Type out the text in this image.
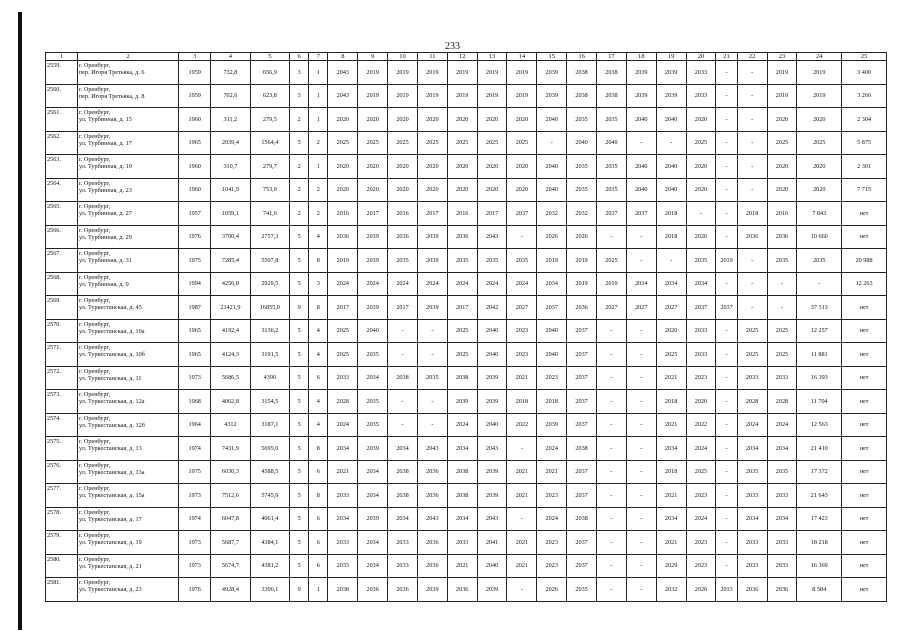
233
1	2	3	4	5	6	7	8	9	10	11	12	13	14	15	16	17	18	19	20	21	22	23	24	25
2559.	г. Оренбург,
пер. Игоря Третьяка, д. 6	1959	732,8	656,9	3	1	2043	2019	2019	2019	2019	2019	2019	2039	2038	2038	2039	2039	2033	-	-	2019	2019	3 400
2560.	г. Оренбург,
пер. Игоря Третьяка, д. 8	1959	702,6	623,8	3	1	2043	2019	2019	2019	2019	2019	2019	2039	2038	2038	2039	2039	2033	-	-	2019	2019	3 260
2561.	г. Оренбург,
ул. Турбинная, д. 15	1960	311,2	279,5	2	1	2020	2020	2020	2020	2020	2020	2020	2040	2035	2035	2040	2040	2020	-	-	2020	2020	2 304
2562.	г. Оренбург,
ул. Турбинная, д. 17	1965	2039,4	1564,4	5	2	2025	2025	2025	2025	2025	2025	2025	-	2040	2040	-	-	2025	-	-	2025	2025	5 875
2563.	г. Оренбург,
ул. Турбинная, д. 19	1960	310,7	279,7	2	1	2020	2020	2020	2020	2020	2020	2020	2040	2035	2035	2040	2040	2020	-	-	2020	2020	2 301
2564.	г. Оренбург,
ул. Турбинная, д. 23	1960	1041,9	753,0	2	2	2020	2020	2020	2020	2020	2020	2020	2040	2035	2035	2040	2040	2020	-	-	2020	2020	7 715
2565.	г. Оренбург,
ул. Турбинная, д. 27	1957	1059,1	741,6	2	2	2016	2017	2016	2017	2016	2017	2037	2032	2032	2037	2037	2018	-	-	2018	2016	7 843	нет
2566.	г. Оренбург,
ул. Турбинная, д. 29	1976	3700,4	2757,3	5	4	2036	2039	2036	2039	2036	2043	-	2026	2026	-	-	2018	2026	-	2036	2036	10 660	нет
2567.	г. Оренбург,
ул. Турбинная, д. 31	1975	7285,4	5507,8	5	8	2019	2039	2035	2039	2035	2035	2035	2019	2019	2025	-	-	2035	2019	-	2035	2035	20 988
2568.	г. Оренбург,
ул. Турбинная, д. 9	1994	4256,8	2929,5	5	3	2024	2024	2024	2024	2024	2024	2024	2034	2019	2019	2034	2034	2034	-	-	-	-	12 263
2569.	г. Оренбург,
ул. Туркестанская, д. 45	1987	21421,9	16855,0	9	8	2017	2039	2017	2039	2017	2042	2027	2037	2036	2027	2027	2027	2037	2037	-	-	37 313	нет
2570.	г. Оренбург,
ул. Туркестанская, д. 10а	1965	4192,4	3136,2	5	4	2025	2040	-	-	2025	2040	2023	2040	2037	-	-	2020	2033	-	2025	2025	12 257	нет
2571.	г. Оренбург,
ул. Туркестанская, д. 10б	1965	4124,3	3191,5	5	4	2025	2035	-	-	2025	2040	2023	2040	2037	-	-	2025	2033	-	2025	2025	11 881	нет
2572.	г. Оренбург,
ул. Туркестанская, д. 11	1973	5686,5	4390	5	6	2033	2034	2038	2035	2038	2039	2021	2023	2037	-	-	2021	2023	-	2033	2033	16 393	нет
2573.	г. Оренбург,
ул. Туркестанская, д. 12а	1968	4062,8	3154,5	5	4	2028	2035	-	-	2039	2039	2018	2018	2037	-	-	2018	2020	-	2028	2028	11 704	нет
2574.	г. Оренбург,
ул. Туркестанская, д. 12б	1964	4312	3187,1	5	4	2024	2035	-	-	2024	2040	2022	2039	2037	-	-	2021	2022	-	2024	2024	12 563	нет
2575.	г. Оренбург,
ул. Туркестанская, д. 13	1974	7431,9	5695,0	5	8	2034	2039	2034	2043	2034	2043	-	2024	2038	-	-	2034	2024	-	2034	2034	21 410	нет
2576.	г. Оренбург,
ул. Туркестанская, д. 13а	1975	6030,3	4588,5	5	6	2021	2034	2038	2036	2038	2039	2021	2021	2037	-	-	2018	2025	-	2035	2035	17 372	нет
2577.	г. Оренбург,
ул. Туркестанская, д. 15а	1973	7512,6	5745,9	5	8	2033	2034	2038	2036	2038	2039	2021	2023	2037	-	-	2021	2023	-	2033	2033	21 643	нет
2578.	г. Оренбург,
ул. Туркестанская, д. 17	1974	6047,8	4061,4	5	6	2034	2039	2034	2043	2034	2043	-	2024	2038	-	-	2034	2024	-	2034	2034	17 423	нет
2579.	г. Оренбург,
ул. Туркестанская, д. 19	1973	5687,7	4384,1	5	6	2033	2034	2033	2036	2033	2041	2021	2023	2037	-	-	2021	2023	-	2033	2033	18 218	нет
2580.	г. Оренбург,
ул. Туркестанская, д. 21	1973	5674,7	4381,2	5	6	2033	2034	2033	2036	2021	2040	2021	2023	2037	-	-	2029	2023	-	2033	2033	16 369	нет
2581.	г. Оренбург,
ул. Туркестанская, д. 23	1976	4928,4	3306,1	9	1	2038	2036	2036	2039	2036	2039	-	2026	2035	-	-	2032	2026	2033	2036	2036	8 584	нет
